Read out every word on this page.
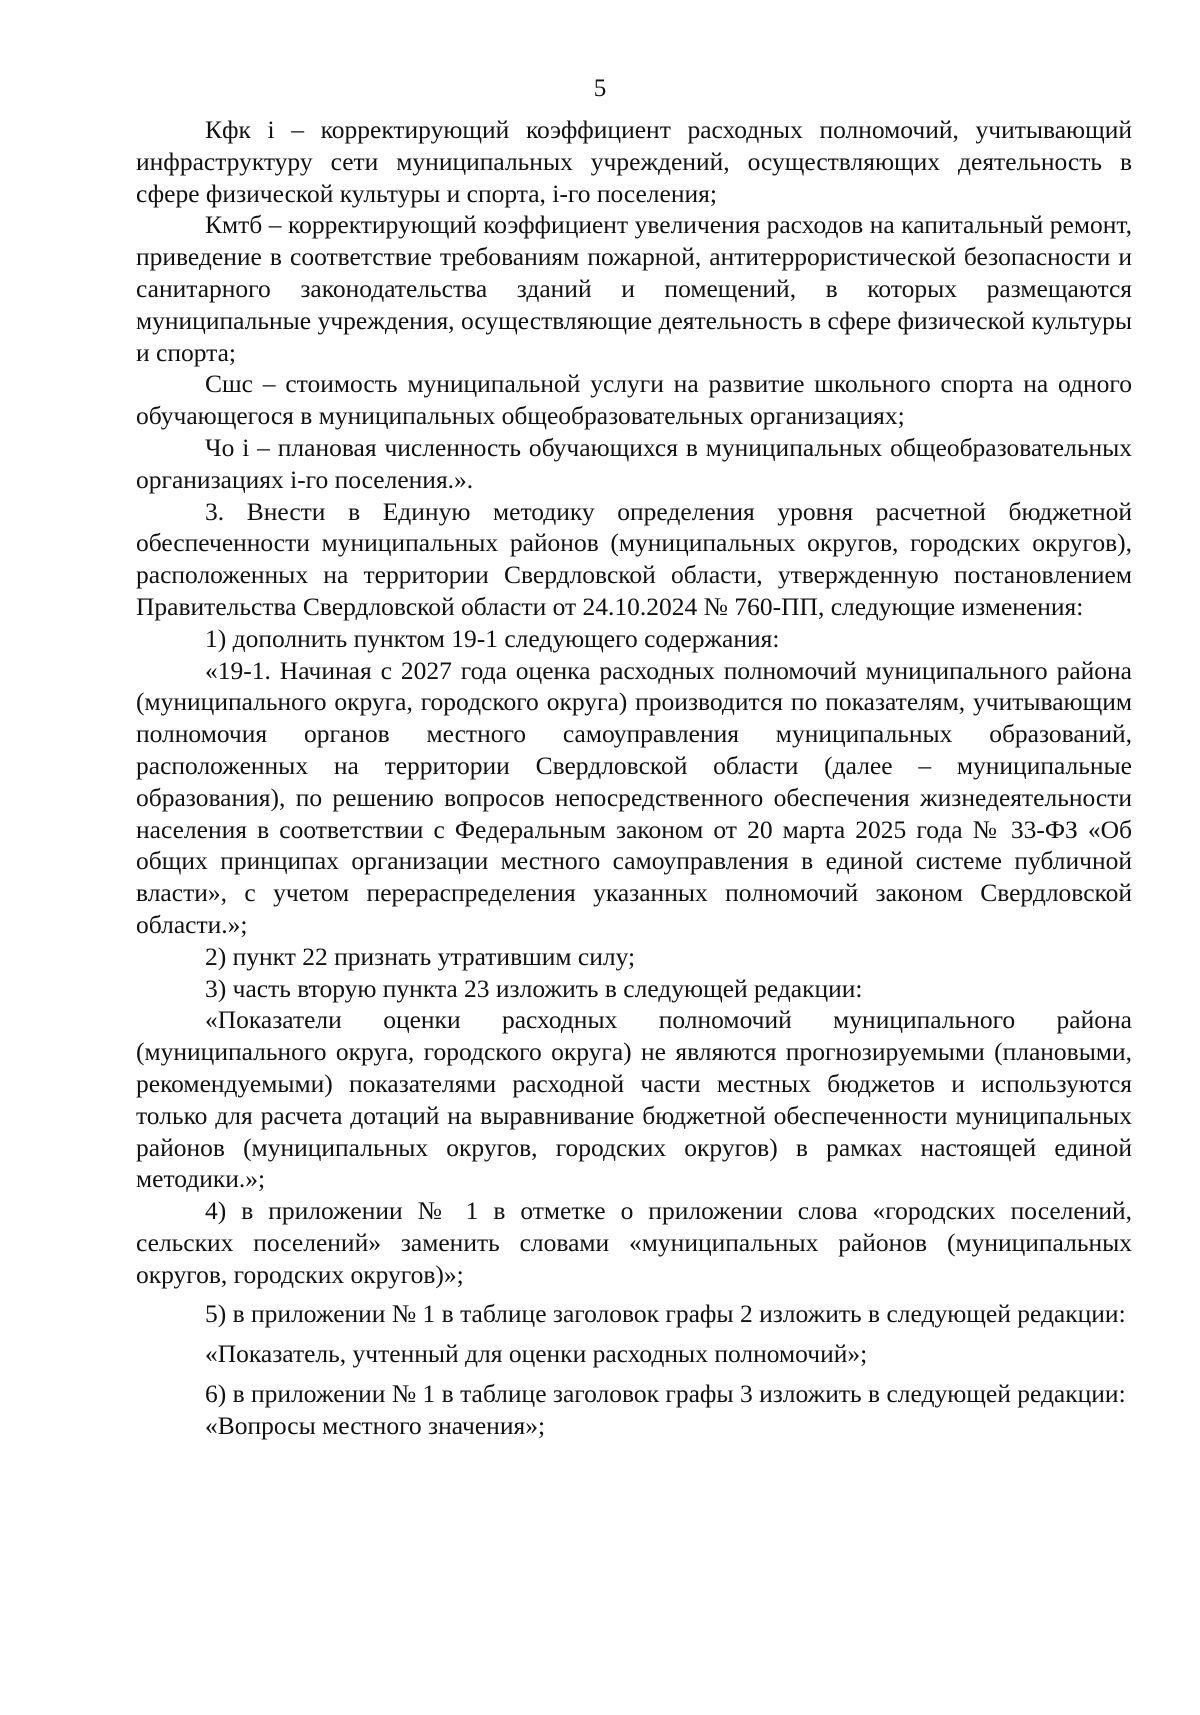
5

Кфк i – корректирующий коэффициент расходных полномочий, учитывающий инфраструктуру сети муниципальных учреждений, осуществляющих деятельность в сфере физической культуры и спорта, i-го поселения;

Кмтб – корректирующий коэффициент увеличения расходов на капитальный ремонт, приведение в соответствие требованиям пожарной, антитеррористической безопасности и санитарного законодательства зданий и помещений, в которых размещаются муниципальные учреждения, осуществляющие деятельность в сфере физической культуры и спорта;

Сшс – стоимость муниципальной услуги на развитие школьного спорта на одного обучающегося в муниципальных общеобразовательных организациях;

Чо i – плановая численность обучающихся в муниципальных общеобразовательных организациях i-го поселения.».

3. Внести в Единую методику определения уровня расчетной бюджетной обеспеченности муниципальных районов (муниципальных округов, городских округов), расположенных на территории Свердловской области, утвержденную постановлением Правительства Свердловской области от 24.10.2024 № 760-ПП, следующие изменения:

1) дополнить пунктом 19-1 следующего содержания:

«19-1. Начиная с 2027 года оценка расходных полномочий муниципального района (муниципального округа, городского округа) производится по показателям, учитывающим полномочия органов местного самоуправления муниципальных образований, расположенных на территории Свердловской области (далее – муниципальные образования), по решению вопросов непосредственного обеспечения жизнедеятельности населения в соответствии с Федеральным законом от 20 марта 2025 года № 33-ФЗ «Об общих принципах организации местного самоуправления в единой системе публичной власти», с учетом перераспределения указанных полномочий законом Свердловской области.»;

2) пункт 22 признать утратившим силу;

3) часть вторую пункта 23 изложить в следующей редакции:

«Показатели оценки расходных полномочий муниципального района (муниципального округа, городского округа) не являются прогнозируемыми (плановыми, рекомендуемыми) показателями расходной части местных бюджетов и используются только для расчета дотаций на выравнивание бюджетной обеспеченности муниципальных районов (муниципальных округов, городских округов) в рамках настоящей единой методики.»;

4) в приложении № 1 в отметке о приложении слова «городских поселений, сельских поселений» заменить словами «муниципальных районов (муниципальных округов, городских округов)»;

5) в приложении № 1 в таблице заголовок графы 2 изложить в следующей редакции:

«Показатель, учтенный для оценки расходных полномочий»;

6) в приложении № 1 в таблице заголовок графы 3 изложить в следующей редакции:

«Вопросы местного значения»;
